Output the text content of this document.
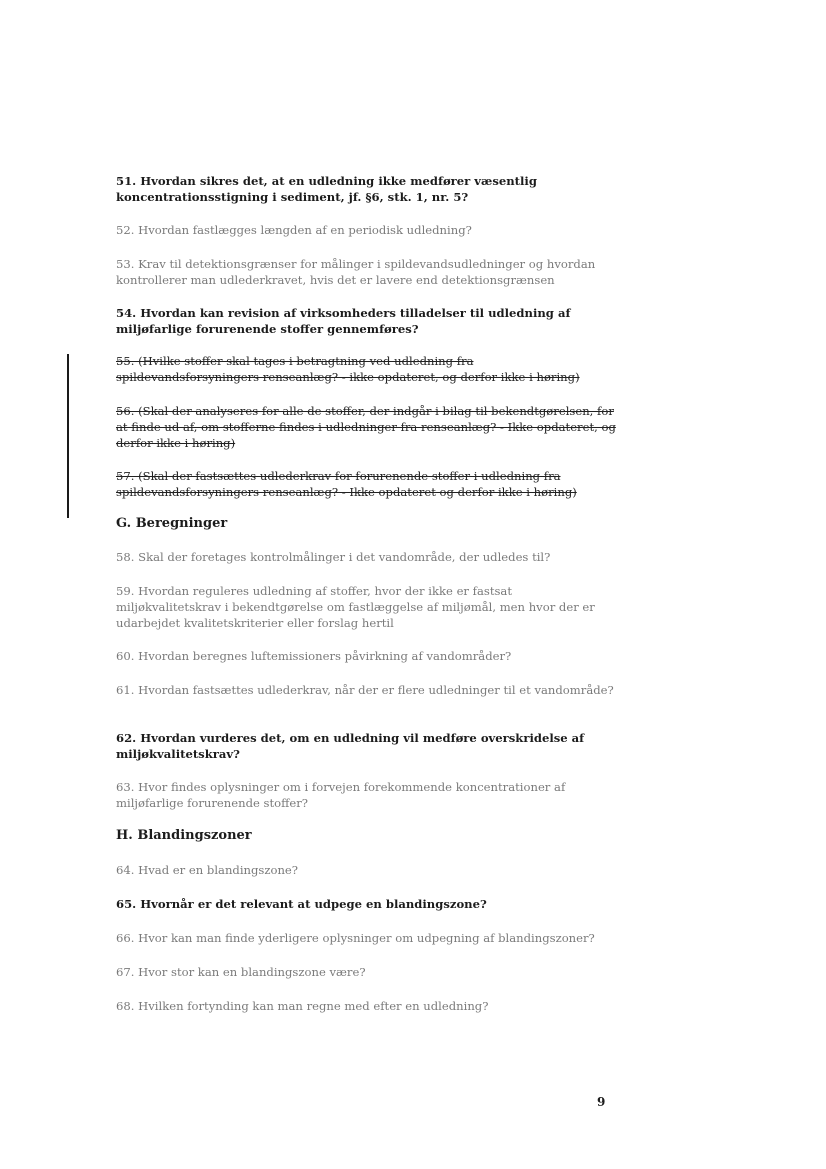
51. Hvordan sikres det, at en udledning ikke medfører væsentlig koncentrationsstigning i sediment, jf. §6, stk. 1, nr. 5?

52. Hvordan fastlægges længden af en periodisk udledning?

53. Krav til detektionsgrænser for målinger i spildevandsudledninger og hvordan kontrollerer man udlederkravet, hvis det er lavere end detektionsgrænsen

54. Hvordan kan revision af virksomheders tilladelser til udledning af miljøfarlige forurenende stoffer gennemføres?

55. (Hvilke stoffer skal tages i betragtning ved udledning fra spildevandsforsyningers renseanlæg? - ikke opdateret, og derfor ikke i høring)

56. (Skal der analyseres for alle de stoffer, der indgår i bilag til bekendtgørelsen, for at finde ud af, om stofferne findes i udledninger fra renseanlæg? - Ikke opdateret, og derfor ikke i høring)

57. (Skal der fastsættes udlederkrav for forurenende stoffer i udledning fra spildevandsforsyningers renseanlæg? - Ikke opdateret og derfor ikke i høring)

G. Beregninger

58. Skal der foretages kontrolmålinger i det vandområde, der udledes til?

59. Hvordan reguleres udledning af stoffer, hvor der ikke er fastsat miljøkvalitetskrav i bekendtgørelse om fastlæggelse af miljømål, men hvor der er udarbejdet kvalitetskriterier eller forslag hertil

60. Hvordan beregnes luftemissioners påvirkning af vandområder?

61. Hvordan fastsættes udlederkrav, når der er flere udledninger til et vandområde?

62. Hvordan vurderes det, om en udledning vil medføre overskridelse af miljøkvalitetskrav?

63. Hvor findes oplysninger om i forvejen forekommende koncentrationer af miljøfarlige forurenende stoffer?

H. Blandingszoner

64. Hvad er en blandingszone?

65. Hvornår er det relevant at udpege en blandingszone?

66. Hvor kan man finde yderligere oplysninger om udpegning af blandingszoner?

67. Hvor stor kan en blandingszone være?

68. Hvilken fortynding kan man regne med efter en udledning?

9
